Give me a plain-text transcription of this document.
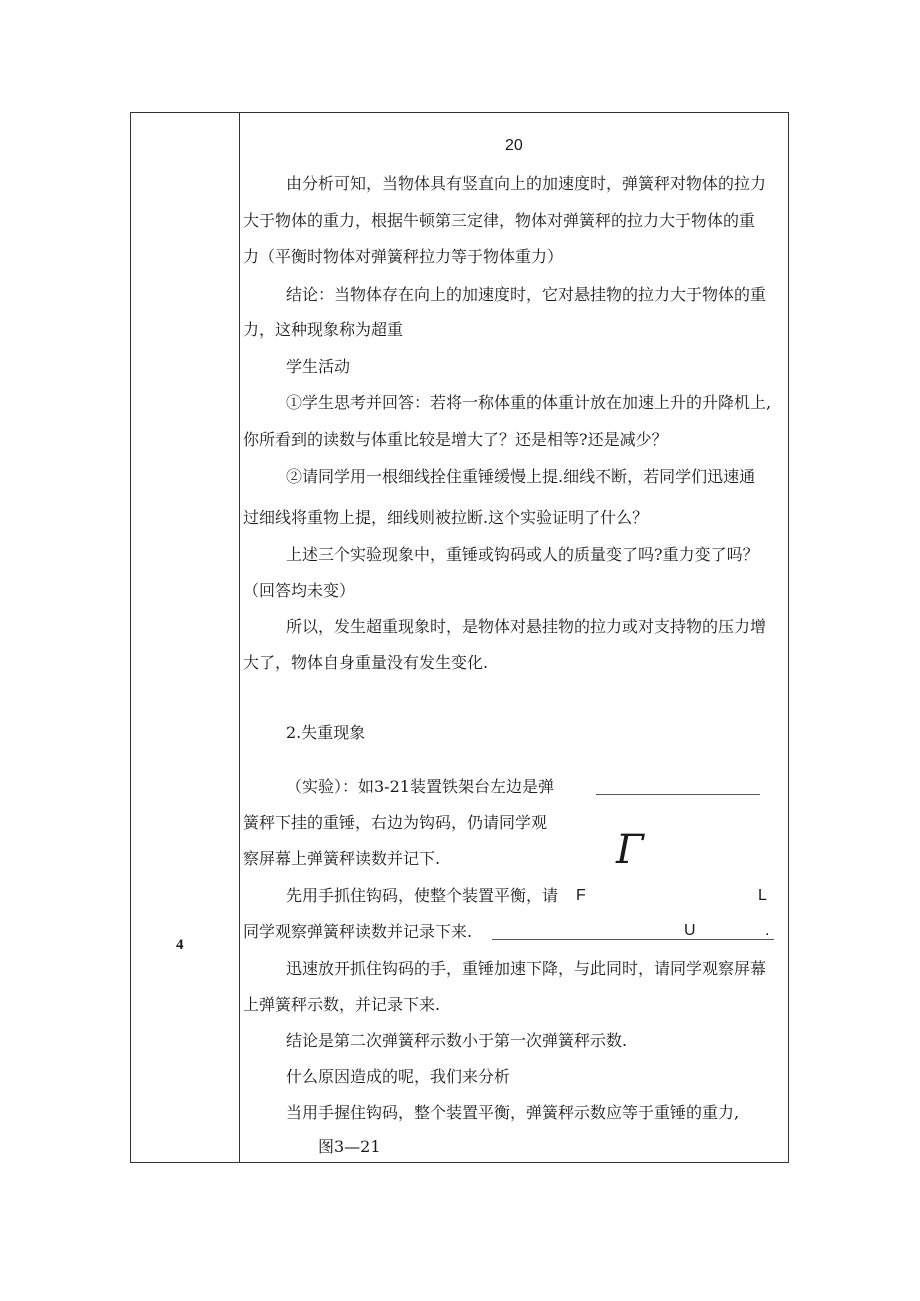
4
20
由分析可知，当物体具有竖直向上的加速度时，弹簧秤对物体的拉力
大于物体的重力，根据牛顿第三定律，物体对弹簧秤的拉力大于物体的重
力（平衡时物体对弹簧秤拉力等于物体重力）
结论：当物体存在向上的加速度时，它对悬挂物的拉力大于物体的重
力，这种现象称为超重
学生活动
①学生思考并回答：若将一称体重的体重计放在加速上升的升降机上,
你所看到的读数与体重比较是增大了？还是相等?还是减少？
②请同学用一根细线拴住重锤缓慢上提.细线不断，若同学们迅速通
过细线将重物上提，细线则被拉断.这个实验证明了什么？
上述三个实验现象中，重锤或钩码或人的质量变了吗?重力变了吗？
（回答均未变）
所以，发生超重现象时，是物体对悬挂物的拉力或对支持物的压力增
大了，物体自身重量没有发生变化.
2.失重现象
（实验）：如3-21装置铁架台左边是弹
簧秤下挂的重锤，右边为钩码，仍请同学观
察屏幕上弹簧秤读数并记下.	Γ
先用手抓住钩码，使整个装置平衡，请 F	L
同学观察弹簧秤读数并记录下来.	U	.
迅速放开抓住钩码的手，重锤加速下降，与此同时，请同学观察屏幕
上弹簧秤示数，并记录下来.
结论是第二次弹簧秤示数小于第一次弹簧秤示数.
什么原因造成的呢，我们来分析
当用手握住钩码，整个装置平衡，弹簧秤示数应等于重锤的重力,
图3—21
